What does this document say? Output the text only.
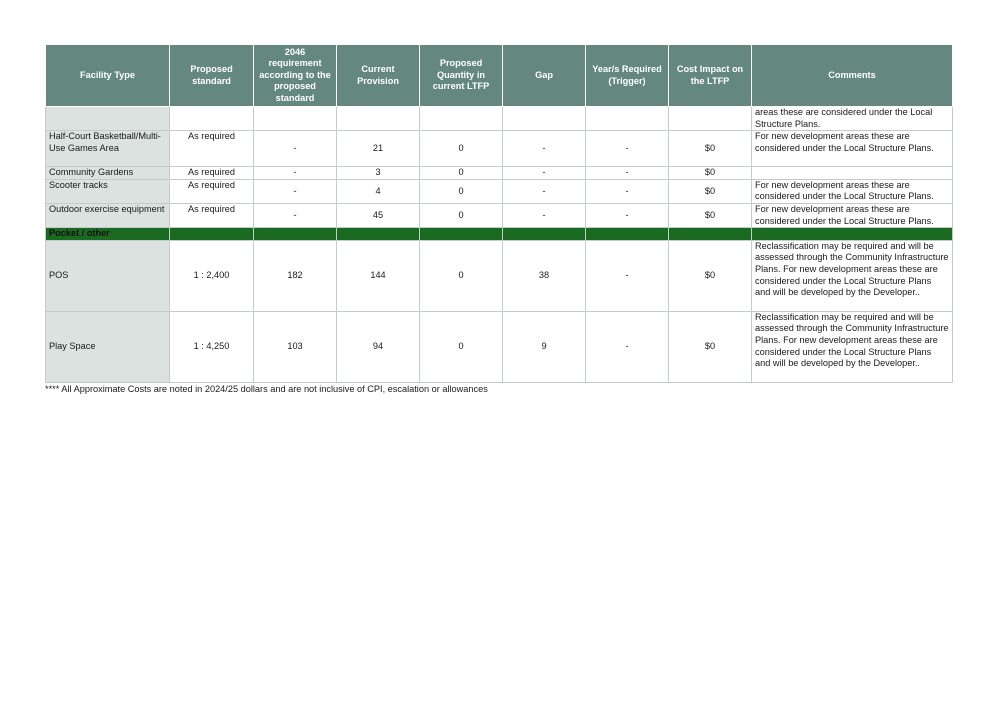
Facility Type	Proposed standard	2046 requirement according to the proposed standard	Current Provision	Proposed Quantity in current LTFP	Gap	Year/s Required (Trigger)	Cost Impact on the LTFP	Comments
								areas these are considered under the Local Structure Plans.
Half-Court Basketball/Multi-Use Games Area	As required	-	21	0	-	-	$0	For new development areas these are considered under the Local Structure Plans.
Community Gardens	As required	-	3	0	-	-	$0	
Scooter tracks	As required	-	4	0	-	-	$0	For new development areas these are considered under the Local Structure Plans.
Outdoor exercise equipment	As required	-	45	0	-	-	$0	For new development areas these are considered under the Local Structure Plans.
Pocket / other								
POS	1 : 2,400	182	144	0	38	-	$0	Reclassification may be required and will be assessed through the Community Infrastructure Plans. For new development areas these are considered under the Local Structure Plans and will be developed by the Developer..
Play Space	1 : 4,250	103	94	0	9	-	$0	Reclassification may be required and will be assessed through the Community Infrastructure Plans. For new development areas these are considered under the Local Structure Plans and will be developed by the Developer..
**** All Approximate Costs are noted in 2024/25 dollars and are not inclusive of CPI, escalation or allowances
